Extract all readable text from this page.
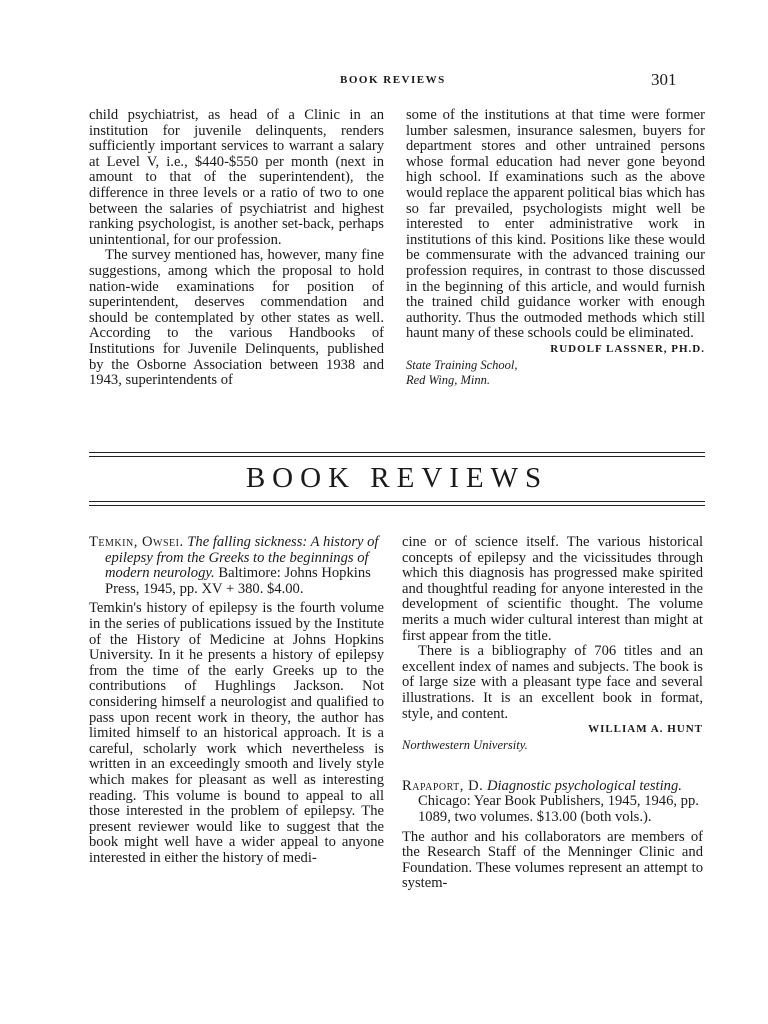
BOOK REVIEWS	301

child psychiatrist, as head of a Clinic in an institution for juvenile delinquents, renders sufficiently important services to warrant a salary at Level V, i.e., $440-$550 per month (next in amount to that of the superintendent), the difference in three levels or a ratio of two to one between the salaries of psychiatrist and highest ranking psychologist, is another set-back, perhaps unintentional, for our profession.

The survey mentioned has, however, many fine suggestions, among which the proposal to hold nation-wide examinations for position of superintendent, deserves commendation and should be contemplated by other states as well. According to the various Handbooks of Institutions for Juvenile Delinquents, published by the Osborne Association between 1938 and 1943, superintendents of

some of the institutions at that time were former lumber salesmen, insurance salesmen, buyers for department stores and other untrained persons whose formal education had never gone beyond high school. If examinations such as the above would replace the apparent political bias which has so far prevailed, psychologists might well be interested to enter administrative work in institutions of this kind. Positions like these would be commensurate with the advanced training our profession requires, in contrast to those discussed in the beginning of this article, and would furnish the trained child guidance worker with enough authority. Thus the outmoded methods which still haunt many of these schools could be eliminated.

RUDOLF LASSNER, PH.D.

State Training School,

Red Wing, Minn.

BOOK REVIEWS

Temkin, Owsei. The falling sickness: A history of epilepsy from the Greeks to the beginnings of modern neurology. Baltimore: Johns Hopkins Press, 1945, pp. XV + 380. $4.00.

Temkin's history of epilepsy is the fourth volume in the series of publications issued by the Institute of the History of Medicine at Johns Hopkins University. In it he presents a history of epilepsy from the time of the early Greeks up to the contributions of Hughlings Jackson. Not considering himself a neurologist and qualified to pass upon recent work in theory, the author has limited himself to an historical approach. It is a careful, scholarly work which nevertheless is written in an exceedingly smooth and lively style which makes for pleasant as well as interesting reading. This volume is bound to appeal to all those interested in the problem of epilepsy. The present reviewer would like to suggest that the book might well have a wider appeal to anyone interested in either the history of medi-

cine or of science itself. The various historical concepts of epilepsy and the vicissitudes through which this diagnosis has progressed make spirited and thoughtful reading for anyone interested in the development of scientific thought. The volume merits a much wider cultural interest than might at first appear from the title.

There is a bibliography of 706 titles and an excellent index of names and subjects. The book is of large size with a pleasant type face and several illustrations. It is an excellent book in format, style, and content.

WILLIAM A. HUNT

Northwestern University.

Rapaport, D. Diagnostic psychological testing. Chicago: Year Book Publishers, 1945, 1946, pp. 1089, two volumes. $13.00 (both vols.).

The author and his collaborators are members of the Research Staff of the Menninger Clinic and Foundation. These volumes represent an attempt to system-
